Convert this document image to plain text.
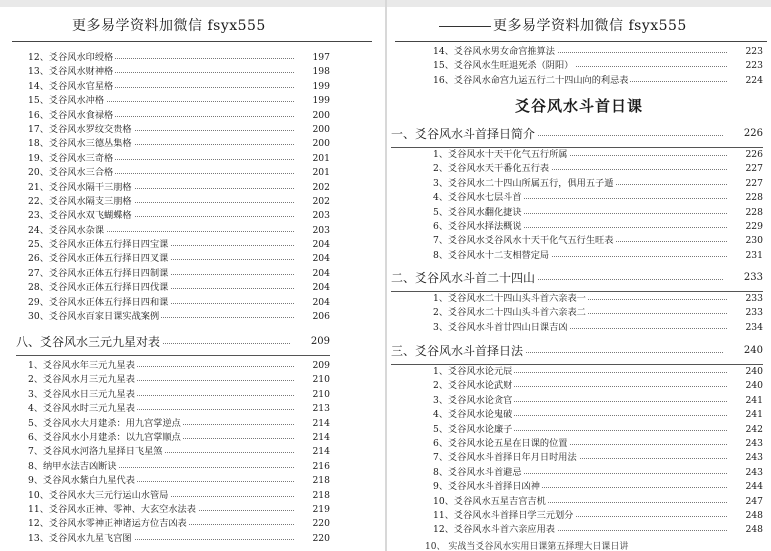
更多易学资料加微信 fsyx555
12、爻谷风水印绶格	197
13、爻谷风水财神格	198
14、爻谷风水官星格	199
15、爻谷风水冲格	199
16、爻谷风水食禄格	200
17、爻谷风水罗纹交贵格	200
18、爻谷风水三德丛集格	200
19、爻谷风水三奇格	201
20、爻谷风水三合格	201
21、爻谷风水隔干三朋格	202
22、爻谷风水隔支三朋格	202
23、爻谷风水双飞蝴蝶格	203
24、爻谷风水杂课	203
25、爻谷风水正体五行择日四宝课	204
26、爻谷风水正体五行择日四叉课	204
27、爻谷风水正体五行择日四制课	204
28、爻谷风水正体五行择日四伐课	204
29、爻谷风水正体五行择日四和课	204
30、爻谷风水百家日课实战案例	206
八、爻谷风水三元九星对表	209
1、爻谷风水年三元九星表	209
2、爻谷风水月三元九星表	210
3、爻谷风水日三元九星表	210
4、爻谷风水时三元九星表	213
5、爻谷风水大月建杀：用九宫掌逆点	214
6、爻谷风水小月建杀：以九宫掌顺点	214
7、爻谷风水河洛九星择日飞星煞	214
8、纳甲水法吉凶断诀	216
9、爻谷风水紫白九星代表	218
10、爻谷风水大三元行运山水管局	218
11、爻谷风水正神、零神、大玄空水法表	219
12、爻谷风水零神正神诸运方位吉凶表	220
13、爻谷风水九星飞宫图	220
更多易学资料加微信 fsyx555
14、爻谷风水男女命宫推算法	223
15、爻谷风水生旺退死杀（阴阳）	223
16、爻谷风水命宫九运五行二十四山向的利忌表	224
爻谷风水斗首日课
一、爻谷风水斗首择日简介	226
1、爻谷风水十天干化气五行所属	226
2、爻谷风水天干番化五行表	227
3、爻谷风水二十四山所属五行，俱用五子遁	227
4、爻谷风水七层斗首	228
5、爻谷风水翻化捷诀	228
6、爻谷风水择法概说	229
7、爻谷风水爻谷风水十天干化气五行生旺表	230
8、爻谷风水十二支相替定局	231
二、爻谷风水斗首二十四山	233
1、爻谷风水二十四山头斗首六亲表一	233
2、爻谷风水二十四山头斗首六亲表二	233
3、爻谷风水斗首廿四山日课吉凶	234
三、爻谷风水斗首择日法	240
1、爻谷风水论元辰	240
2、爻谷风水论武财	240
3、爻谷风水论贪官	241
4、爻谷风水论鬼破	241
5、爻谷风水论廉子	242
6、爻谷风水论五星在日课的位置	243
7、爻谷风水斗首择日年月日时用法	243
8、爻谷风水斗首避忌	243
9、爻谷风水斗首择日凶神	244
10、爻谷风水五星吉宫吉机	247
11、爻谷风水斗首择日学三元划分	248
12、爻谷风水斗首六亲应用表	248
10、 实战当爻谷风水实用日课第五择理大日课日讲
